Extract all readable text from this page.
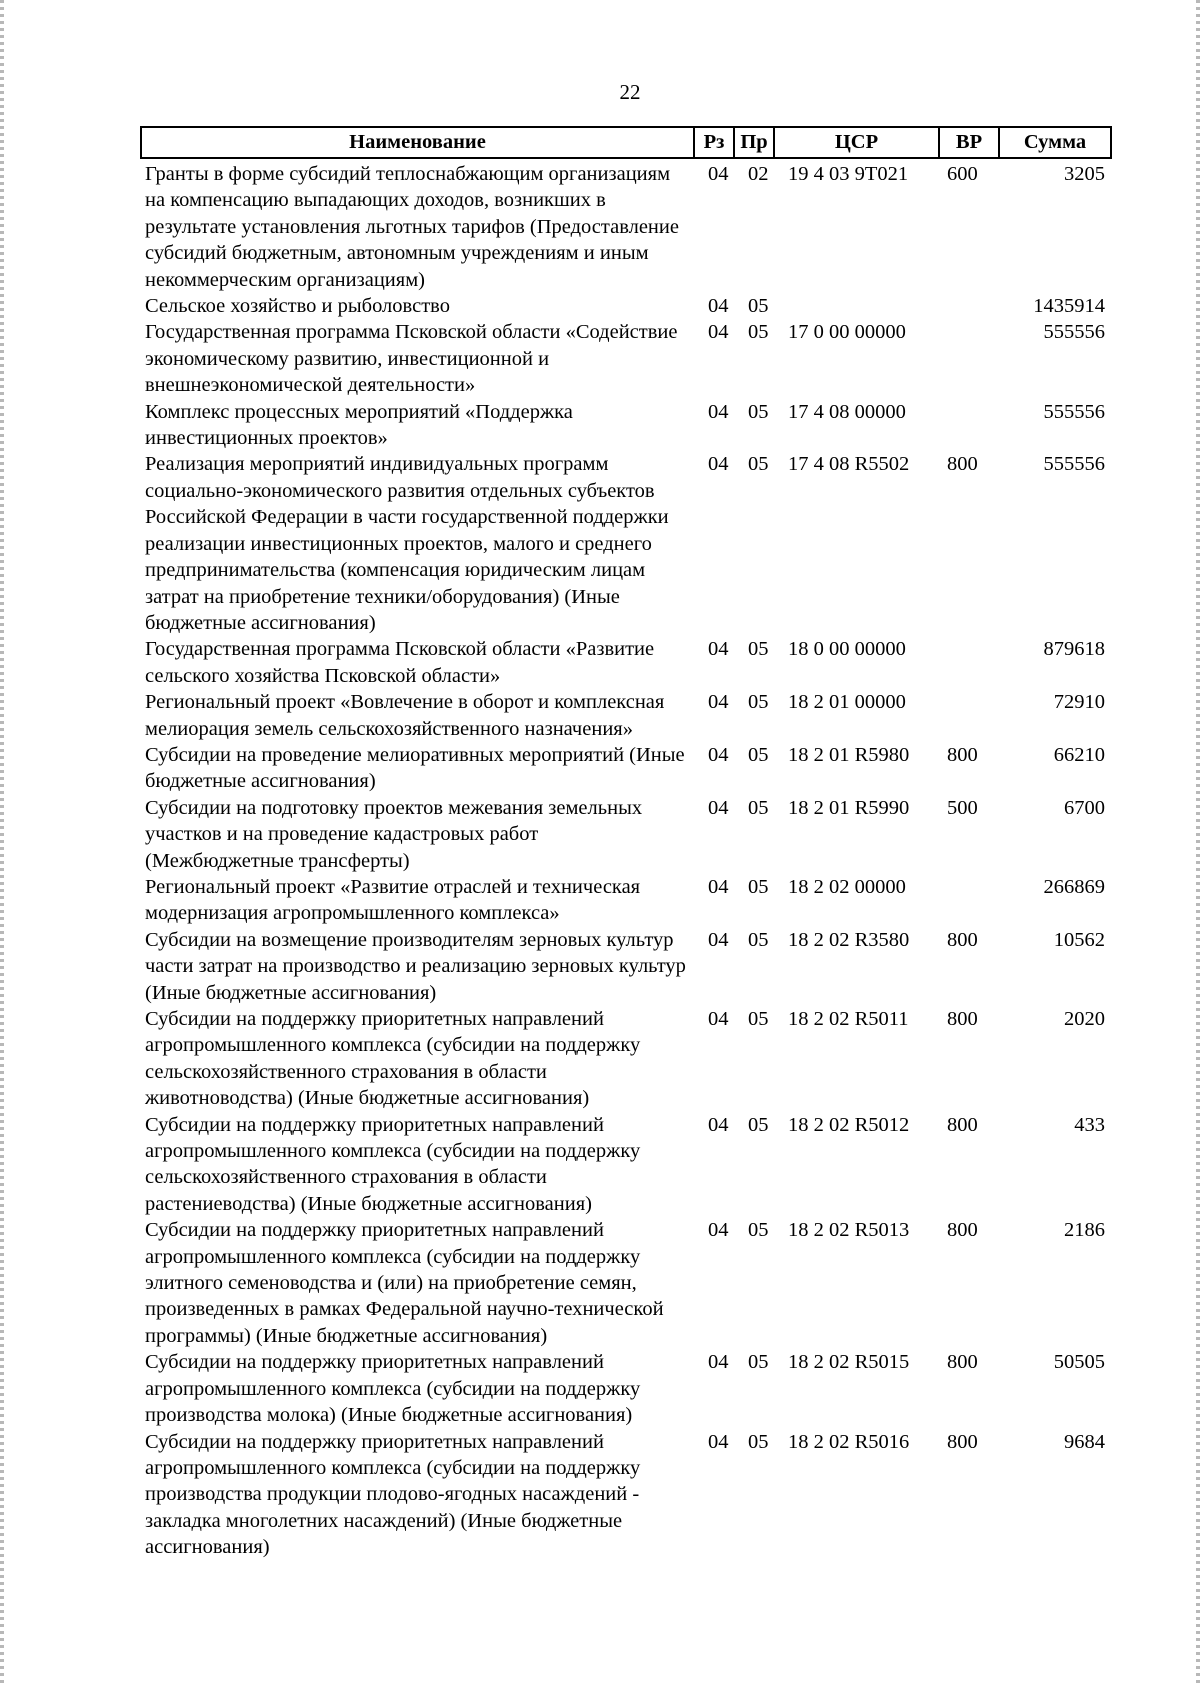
22
Наименование	Рз	Пр	ЦСР	ВР	Сумма
Гранты в форме субсидий теплоснабжающим организациям на компенсацию выпадающих доходов, возникших в результате установления льготных тарифов (Предоставление субсидий бюджетным, автономным учреждениям и иным некоммерческим организациям)	04	02	19 4 03 9Т021	600	3205
Сельское хозяйство и рыболовство	04	05			1435914
Государственная программа Псковской области «Содействие экономическому развитию, инвестиционной и внешнеэкономической деятельности»	04	05	17 0 00 00000		555556
Комплекс процессных мероприятий «Поддержка инвестиционных проектов»	04	05	17 4 08 00000		555556
Реализация мероприятий индивидуальных программ социально-экономического развития отдельных субъектов Российской Федерации в части государственной поддержки реализации инвестиционных проектов, малого и среднего предпринимательства (компенсация юридическим лицам затрат на приобретение техники/оборудования) (Иные бюджетные ассигнования)	04	05	17 4 08 R5502	800	555556
Государственная программа Псковской области «Развитие сельского хозяйства Псковской области»	04	05	18 0 00 00000		879618
Региональный проект «Вовлечение в оборот и комплексная мелиорация земель сельскохозяйственного назначения»	04	05	18 2 01 00000		72910
Субсидии на проведение мелиоративных мероприятий (Иные бюджетные ассигнования)	04	05	18 2 01 R5980	800	66210
Субсидии на подготовку проектов межевания земельных участков и на проведение кадастровых работ (Межбюджетные трансферты)	04	05	18 2 01 R5990	500	6700
Региональный проект «Развитие отраслей и техническая модернизация агропромышленного комплекса»	04	05	18 2 02 00000		266869
Субсидии на возмещение производителям зерновых культур части затрат на производство и реализацию зерновых культур (Иные бюджетные ассигнования)	04	05	18 2 02 R3580	800	10562
Субсидии на поддержку приоритетных направлений агропромышленного комплекса (субсидии на поддержку сельскохозяйственного страхования в области животноводства) (Иные бюджетные ассигнования)	04	05	18 2 02 R5011	800	2020
Субсидии на поддержку приоритетных направлений агропромышленного комплекса (субсидии на поддержку сельскохозяйственного страхования в области растениеводства) (Иные бюджетные ассигнования)	04	05	18 2 02 R5012	800	433
Субсидии на поддержку приоритетных направлений агропромышленного комплекса (субсидии на поддержку элитного семеноводства и (или) на приобретение семян, произведенных в рамках Федеральной научно-технической программы) (Иные бюджетные ассигнования)	04	05	18 2 02 R5013	800	2186
Субсидии на поддержку приоритетных направлений агропромышленного комплекса (субсидии на поддержку производства молока) (Иные бюджетные ассигнования)	04	05	18 2 02 R5015	800	50505
Субсидии на поддержку приоритетных направлений агропромышленного комплекса (субсидии на поддержку производства продукции плодово-ягодных насаждений - закладка многолетних насаждений) (Иные бюджетные ассигнования)	04	05	18 2 02 R5016	800	9684
